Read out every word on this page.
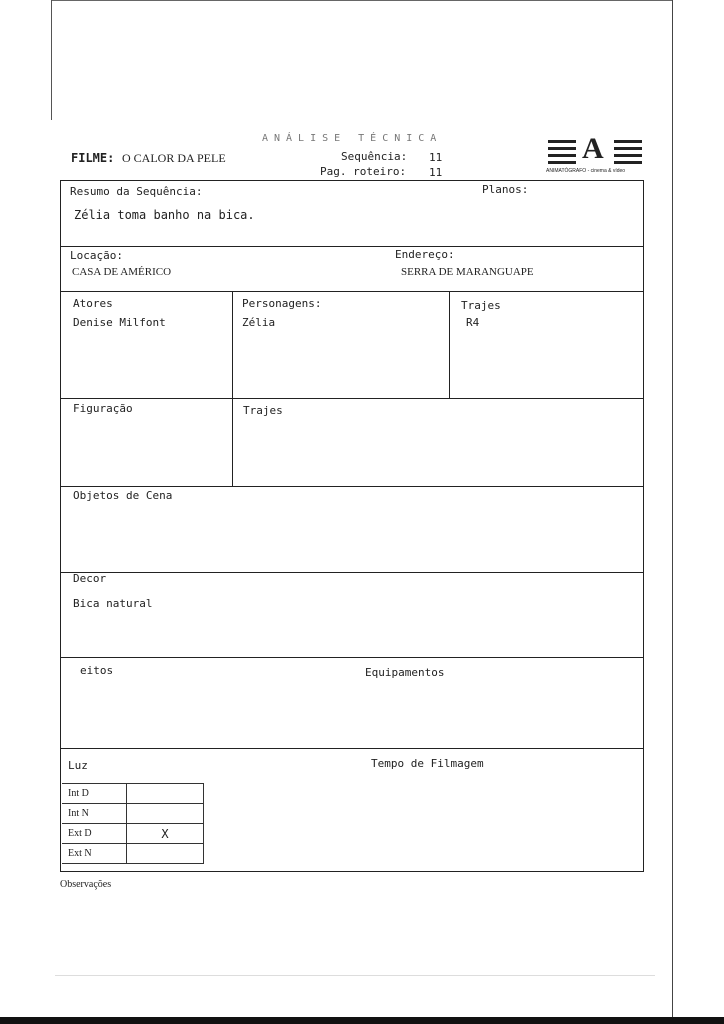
ANÁLISE TÉCNICA
FILME: O CALOR DA PELE	Sequência: 11
Pag. roteiro: 11
A
ANIMATÓGRAFO - cinema & vídeo
Resumo da Sequência:
Zélia toma banho na bica.
Planos:
Locação:
CASA DE AMÉRICO
Endereço:
SERRA DE MARANGUAPE
Atores
Denise Milfont
Personagens:
Zélia
Trajes
R4
Figuração	Trajes
Objetos de Cena
Decor
Bica natural
eitos	Equipamentos
Luz	Tempo de Filmagem
Int D	
Int N	
Ext D	X
Ext N	
Observações
